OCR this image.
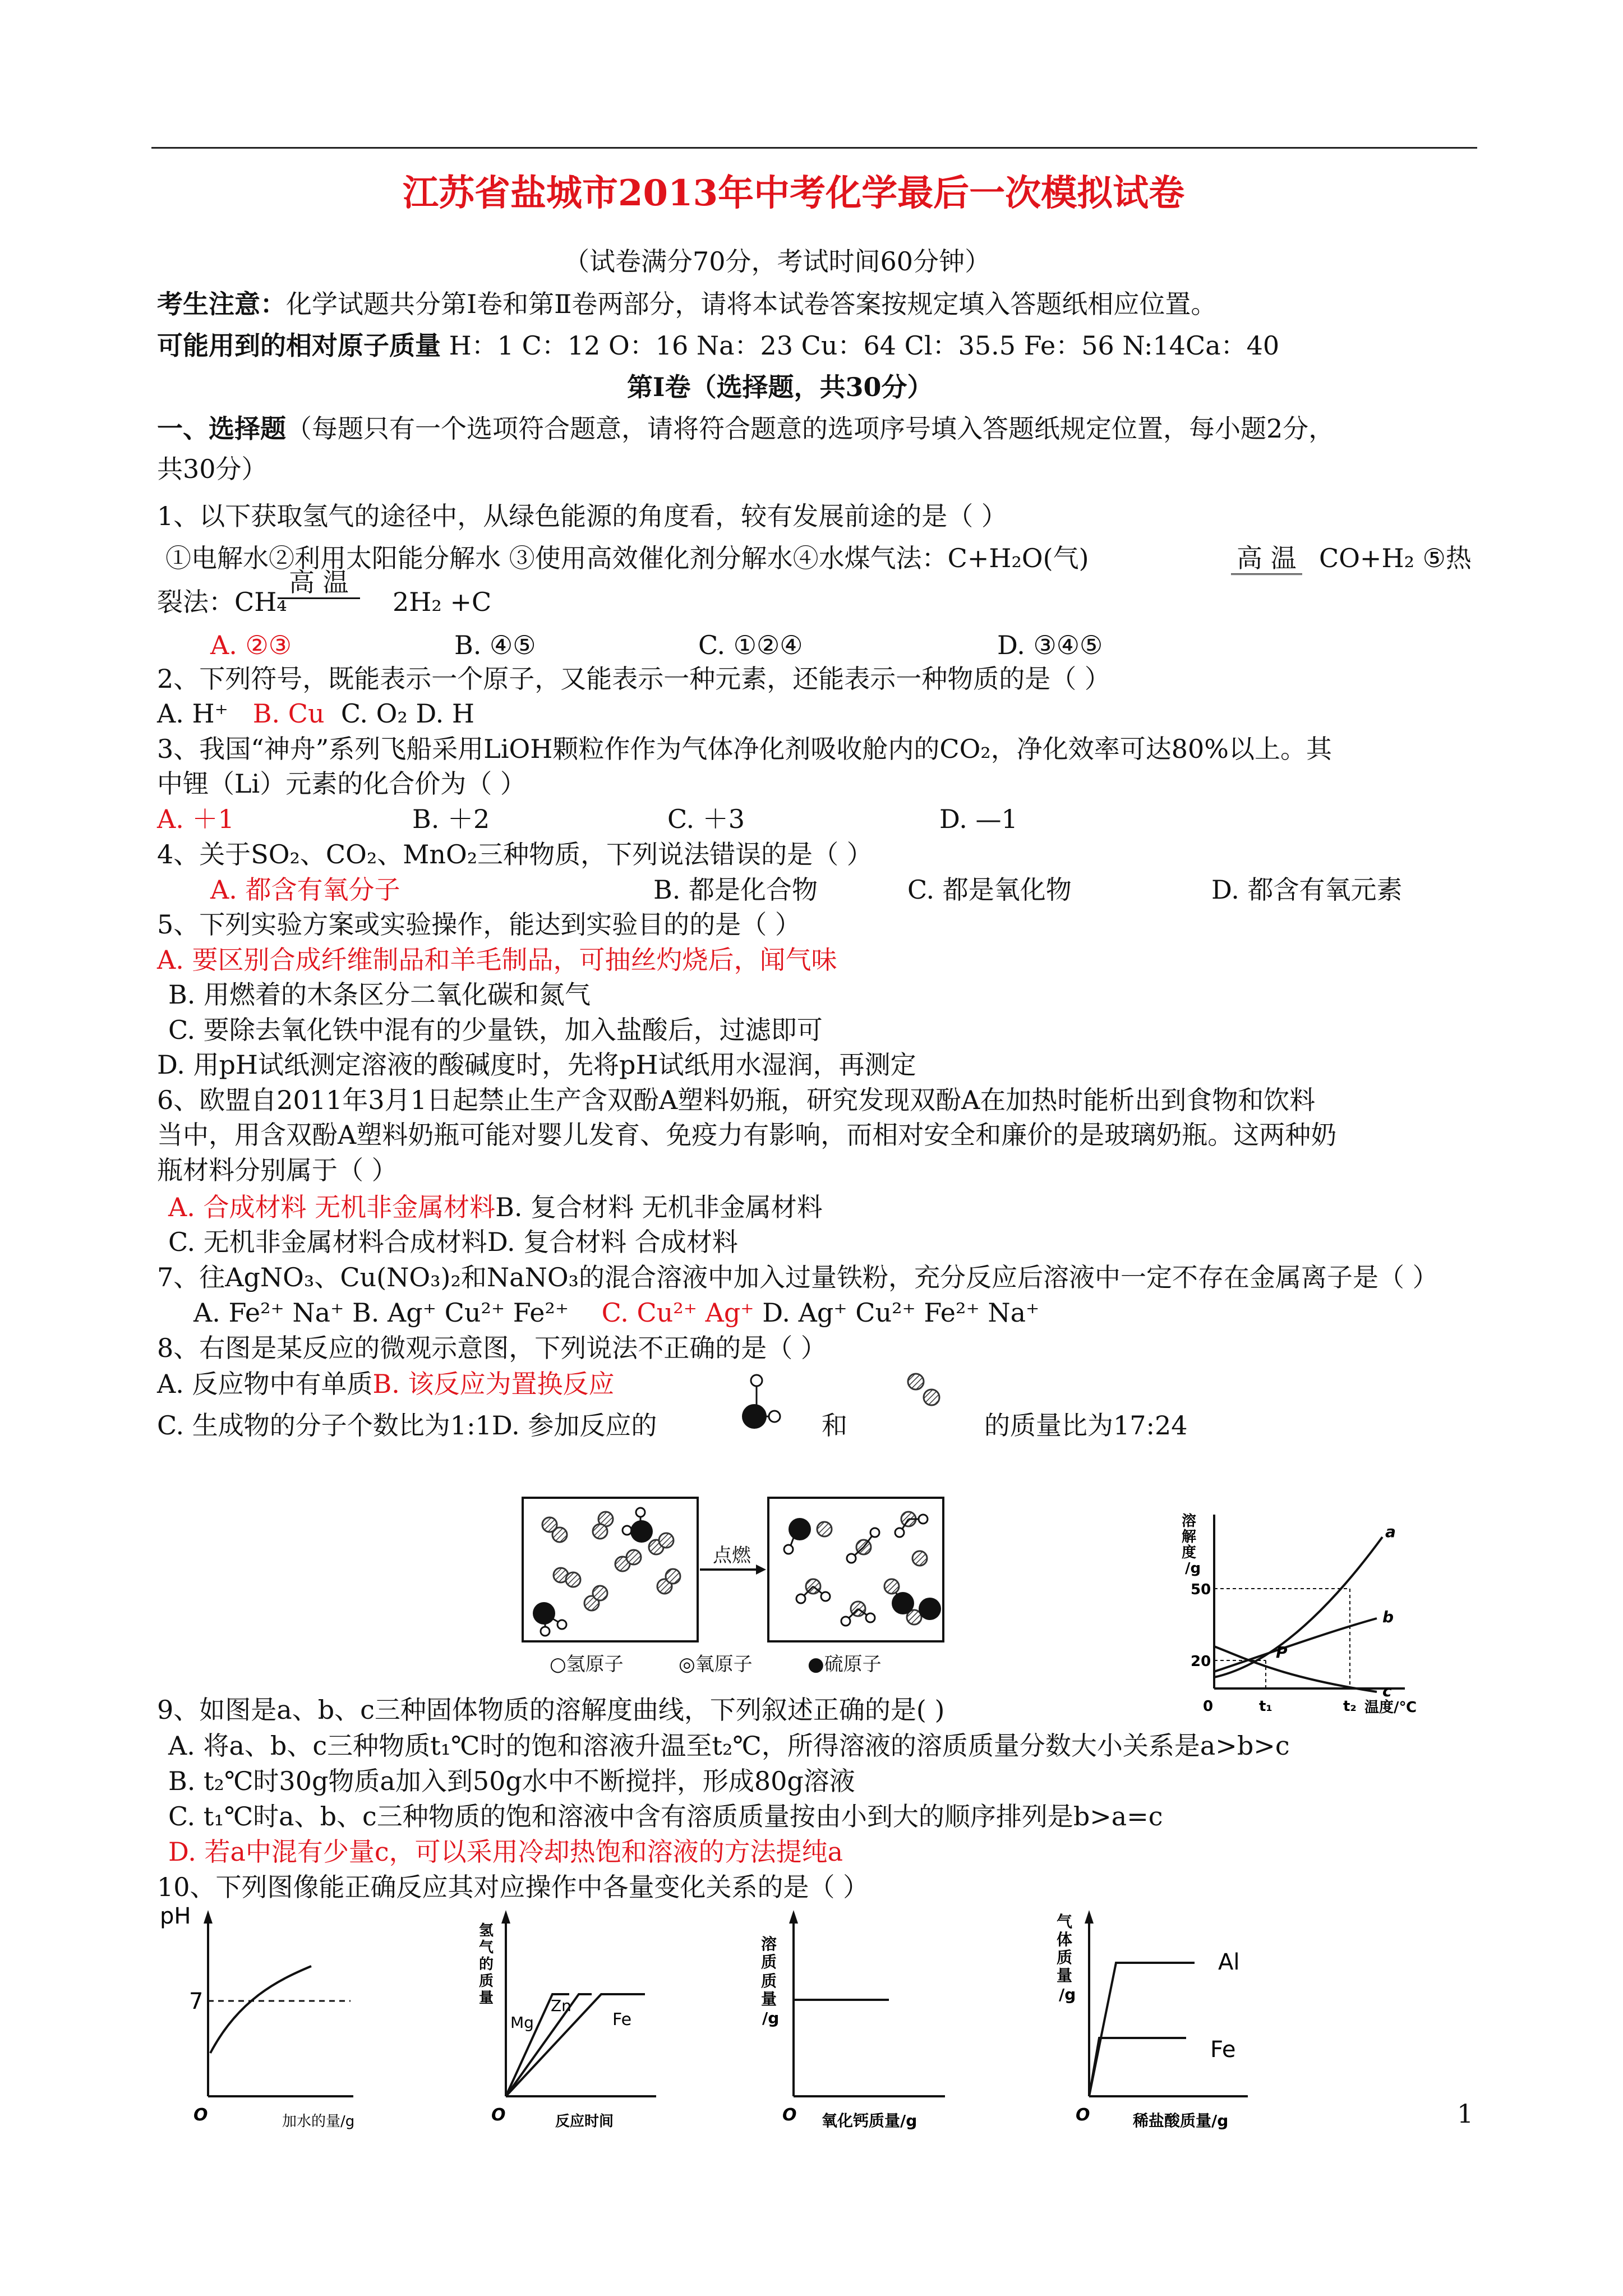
江苏省盐城市2013年中考化学最后一次模拟试卷
（试卷满分70分，考试时间60分钟）
考生注意：化学试题共分第Ⅰ卷和第Ⅱ卷两部分，请将本试卷答案按规定填入答题纸相应位置。
可能用到的相对原子质量 H：1 C：12 O：16 Na：23 Cu：64 Cl：35.5 Fe：56 N:14Ca：40
第Ⅰ卷（选择题，共30分）
一、选择题（每题只有一个选项符合题意，请将符合题意的选项序号填入答题纸规定位置，每小题2分，
共30分）
1、以下获取氢气的途径中，从绿色能源的角度看，较有发展前途的是（ ）
①电解水②利用太阳能分解水 ③使用高效催化剂分解水④水煤气法：C+H₂O(气)	高 温 CO+H₂ ⑤热
裂法：CH₄
高 温
2H₂ +C
A. ②③	B. ④⑤	C. ①②④	D. ③④⑤
2、下列符号，既能表示一个原子，又能表示一种元素，还能表示一种物质的是（ ）
A. H⁺ B. Cu C. O₂ D. H
3、我国“神舟”系列飞船采用LiOH颗粒作作为气体净化剂吸收舱内的CO₂，净化效率可达80%以上。其
中锂（Li）元素的化合价为（ ）
A. ＋1	B. ＋2	C. ＋3	D. —1
4、关于SO₂、CO₂、MnO₂三种物质，下列说法错误的是（ ）
A. 都含有氧分子	B. 都是化合物	C. 都是氧化物	D. 都含有氧元素
5、下列实验方案或实验操作，能达到实验目的的是（ ）
A. 要区别合成纤维制品和羊毛制品，可抽丝灼烧后，闻气味
B. 用燃着的木条区分二氧化碳和氮气
C. 要除去氧化铁中混有的少量铁，加入盐酸后，过滤即可
D. 用pH试纸测定溶液的酸碱度时，先将pH试纸用水湿润，再测定
6、欧盟自2011年3月1日起禁止生产含双酚A塑料奶瓶，研究发现双酚A在加热时能析出到食物和饮料
当中，用含双酚A塑料奶瓶可能对婴儿发育、免疫力有影响，而相对安全和廉价的是玻璃奶瓶。这两种奶
瓶材料分别属于（ ）
A. 合成材料 无机非金属材料B. 复合材料 无机非金属材料
C. 无机非金属材料合成材料D. 复合材料 合成材料
7、往AgNO₃、Cu(NO₃)₂和NaNO₃的混合溶液中加入过量铁粉，充分反应后溶液中一定不存在金属离子是（ ）
A. Fe²⁺ Na⁺ B. Ag⁺ Cu²⁺ Fe²⁺ C. Cu²⁺ Ag⁺ D. Ag⁺ Cu²⁺ Fe²⁺ Na⁺
8、右图是某反应的微观示意图，下列说法不正确的是（ ）
A. 反应物中有单质B. 该反应为置换反应
C. 生成物的分子个数比为1:1D. 参加反应的	和	的质量比为17:24
点燃
○氢原子	◎氧原子	●硫原子
溶
解
度
/g
a
b
c
P
50
20
0	t₁	t₂ 温度/℃
9、如图是a、b、c三种固体物质的溶解度曲线，下列叙述正确的是( )
A. 将a、b、c三种物质t₁℃时的饱和溶液升温至t₂℃，所得溶液的溶质质量分数大小关系是a>b>c
B. t₂℃时30g物质a加入到50g水中不断搅拌，形成80g溶液
C. t₁℃时a、b、c三种物质的饱和溶液中含有溶质质量按由小到大的顺序排列是b>a=c
D. 若a中混有少量c，可以采用冷却热饱和溶液的方法提纯a
10、下列图像能正确反应其对应操作中各量变化关系的是（ ）
pH
7
O	加水的量/g
氢
气
的
质
量
Mg
Zn
Fe
O	反应时间
溶
质
质
量
/g
O 氧化钙质量/g
气
体
质
量
/g
Al
Fe
O	稀盐酸质量/g	1
